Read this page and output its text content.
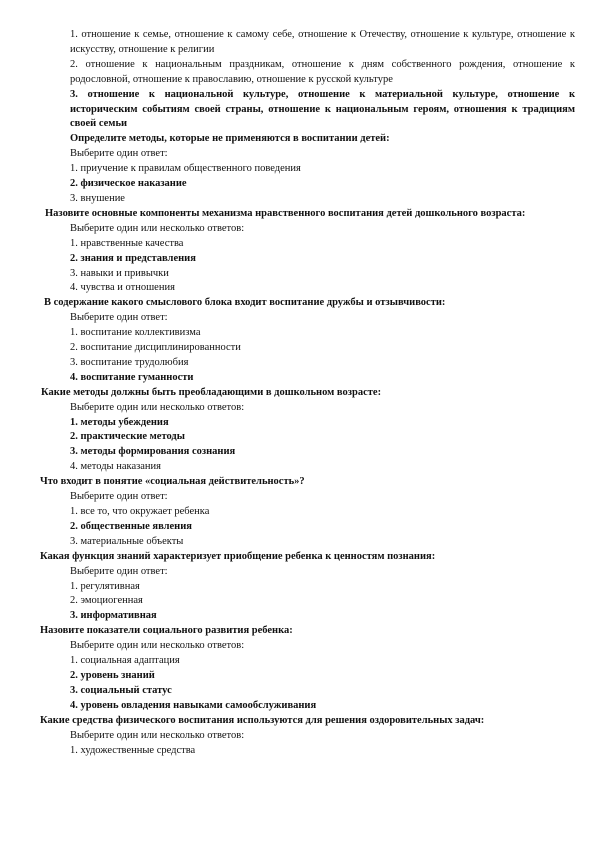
1. отношение к семье, отношение к самому себе, отношение к Отечеству, отношение к культуре, отношение к искусству, отношение к религии

2. отношение к национальным праздникам, отношение к дням собственного рождения, отношение к родословной, отношение к православию, отношение к русской культуре

3. отношение к национальной культуре, отношение к материальной культуре, отношение к историческим событиям своей страны, отношение к национальным героям, отношения к традициям своей семьи

Определите методы, которые не применяются в воспитании детей:

Выберите один ответ:

1. приучение к правилам общественного поведения

2. физическое наказание

3. внушение

Назовите основные компоненты механизма нравственного воспитания детей дошкольного возраста:

Выберите один или несколько ответов:

1. нравственные качества

2. знания и представления

3. навыки и привычки

4. чувства и отношения

В содержание какого смыслового блока входит воспитание дружбы и отзывчивости:

Выберите один ответ:

1. воспитание коллективизма

2. воспитание дисциплинированности

3. воспитание трудолюбия

4. воспитание гуманности

Какие методы должны быть преобладающими в дошкольном возрасте:

Выберите один или несколько ответов:

1. методы убеждения

2. практические методы

3. методы формирования сознания

4. методы наказания

Что входит в понятие «социальная действительность»?

Выберите один ответ:

1. все то, что окружает ребенка

2. общественные явления

3. материальные объекты

Какая функция знаний характеризует приобщение ребенка к ценностям познания:

Выберите один ответ:

1. регулятивная

2. эмоциогенная

3. информативная

Назовите показатели социального развития ребенка:

Выберите один или несколько ответов:

1. социальная адаптация

2. уровень знаний

3. социальный статус

4. уровень овладения навыками самообслуживания

Какие средства физического воспитания используются для решения оздоровительных задач:

Выберите один или несколько ответов:

1. художественные средства
